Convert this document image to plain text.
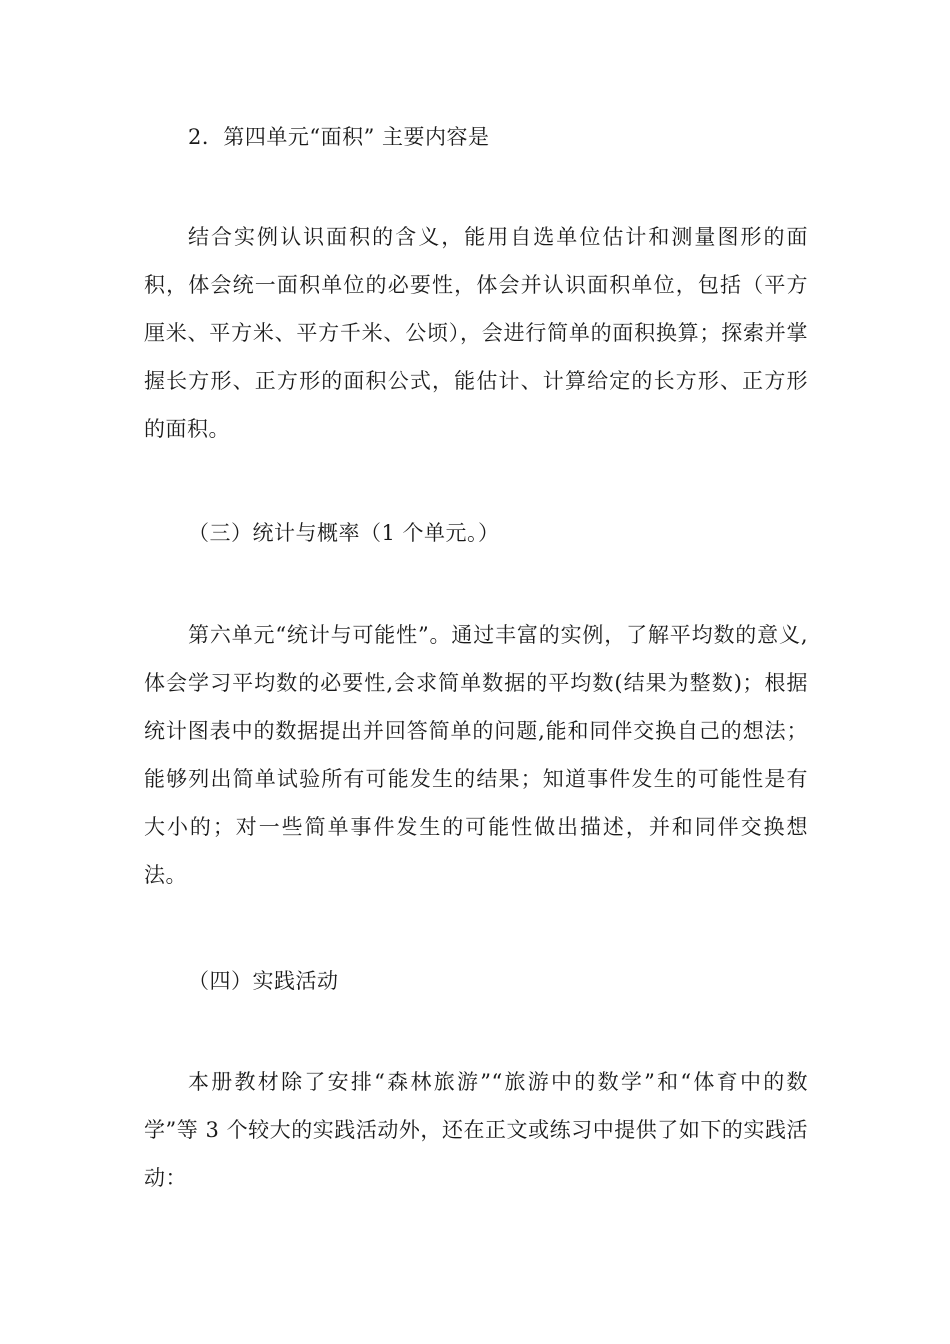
2．第四单元“面积” 主要内容是

结合实例认识面积的含义，能用自选单位估计和测量图形的面积，体会统一面积单位的必要性，体会并认识面积单位，包括（平方厘米、平方米、平方千米、公顷），会进行简单的面积换算；探索并掌握长方形、正方形的面积公式，能估计、计算给定的长方形、正方形的面积。

（三）统计与概率（1 个单元。）

第六单元“统计与可能性”。通过丰富的实例，了解平均数的意义,体会学习平均数的必要性,会求简单数据的平均数(结果为整数)；根据统计图表中的数据提出并回答简单的问题,能和同伴交换自己的想法；能够列出简单试验所有可能发生的结果；知道事件发生的可能性是有大小的；对一些简单事件发生的可能性做出描述，并和同伴交换想法。

（四）实践活动

本册教材除了安排“森林旅游”“旅游中的数学”和“体育中的数学”等 3 个较大的实践活动外，还在正文或练习中提供了如下的实践活动：
